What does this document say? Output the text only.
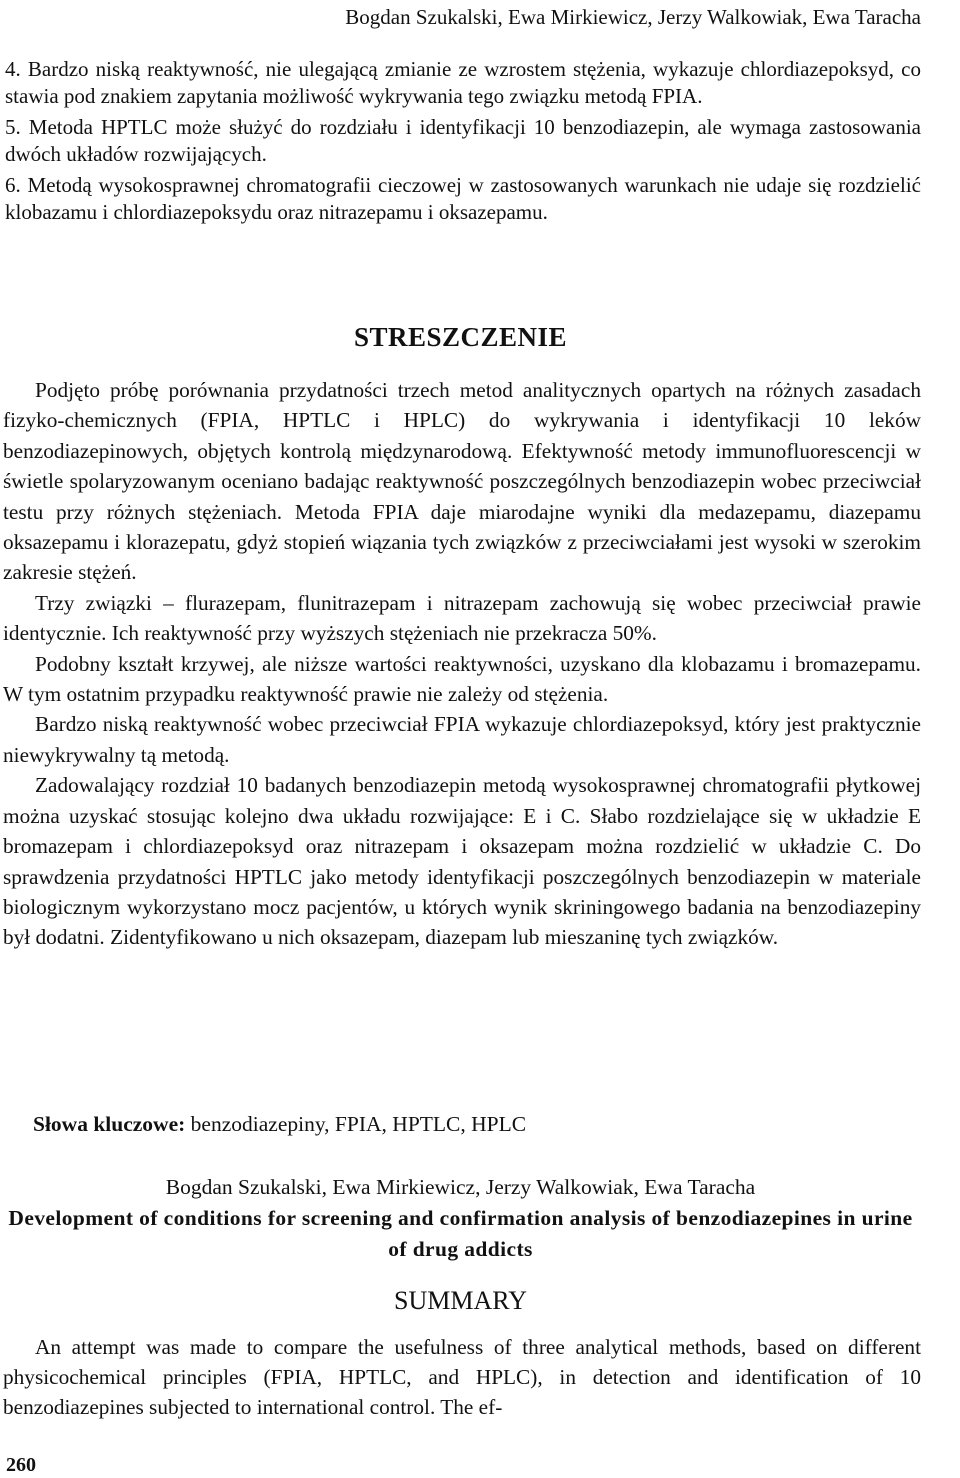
Bogdan Szukalski, Ewa Mirkiewicz, Jerzy Walkowiak, Ewa Taracha

4. Bardzo niską reaktywność, nie ulegającą zmianie ze wzrostem stężenia, wykazuje chlordiazepoksyd, co stawia pod znakiem zapytania możliwość wykrywania tego związku metodą FPIA.

5. Metoda HPTLC może służyć do rozdziału i identyfikacji 10 benzodiazepin, ale wymaga zastosowania dwóch układów rozwijających.

6. Metodą wysokosprawnej chromatografii cieczowej w zastosowanych warunkach nie udaje się rozdzielić klobazamu i chlordiazepoksydu oraz nitrazepamu i oksazepamu.

STRESZCZENIE

Podjęto próbę porównania przydatności trzech metod analitycznych opartych na różnych zasadach fizyko-chemicznych (FPIA, HPTLC i HPLC) do wykrywania i identyfikacji 10 leków benzodiazepinowych, objętych kontrolą międzynarodową. Efektywność metody immunofluorescencji w świetle spolaryzowanym oceniano badając reaktywność poszczególnych benzodiazepin wobec przeciwciał testu przy różnych stężeniach. Metoda FPIA daje miarodajne wyniki dla medazepamu, diazepamu oksazepamu i klorazepatu, gdyż stopień wiązania tych związków z przeciwciałami jest wysoki w szerokim zakresie stężeń.

Trzy związki – flurazepam, flunitrazepam i nitrazepam zachowują się wobec przeciwciał prawie identycznie. Ich reaktywność przy wyższych stężeniach nie przekracza 50%.

Podobny kształt krzywej, ale niższe wartości reaktywności, uzyskano dla klobazamu i bromazepamu. W tym ostatnim przypadku reaktywność prawie nie zależy od stężenia.

Bardzo niską reaktywność wobec przeciwciał FPIA wykazuje chlordiazepoksyd, który jest praktycznie niewykrywalny tą metodą.

Zadowalający rozdział 10 badanych benzodiazepin metodą wysokosprawnej chromatografii płytkowej można uzyskać stosując kolejno dwa układu rozwijające: E i C. Słabo rozdzielające się w układzie E bromazepam i chlordiazepoksyd oraz nitrazepam i oksazepam można rozdzielić w układzie C. Do sprawdzenia przydatności HPTLC jako metody identyfikacji poszczególnych benzodiazepin w materiale biologicznym wykorzystano mocz pacjentów, u których wynik skriningowego badania na benzodiazepiny był dodatni. Zidentyfikowano u nich oksazepam, diazepam lub mieszaninę tych związków.

Słowa kluczowe: benzodiazepiny, FPIA, HPTLC, HPLC
Bogdan Szukalski, Ewa Mirkiewicz, Jerzy Walkowiak, Ewa Taracha
Development of conditions for screening and confirmation analysis of benzodiazepines in urine of drug addicts
SUMMARY

An attempt was made to compare the usefulness of three analytical methods, based on different physicochemical principles (FPIA, HPTLC, and HPLC), in detection and identification of 10 benzodiazepines subjected to international control. The ef-

260
